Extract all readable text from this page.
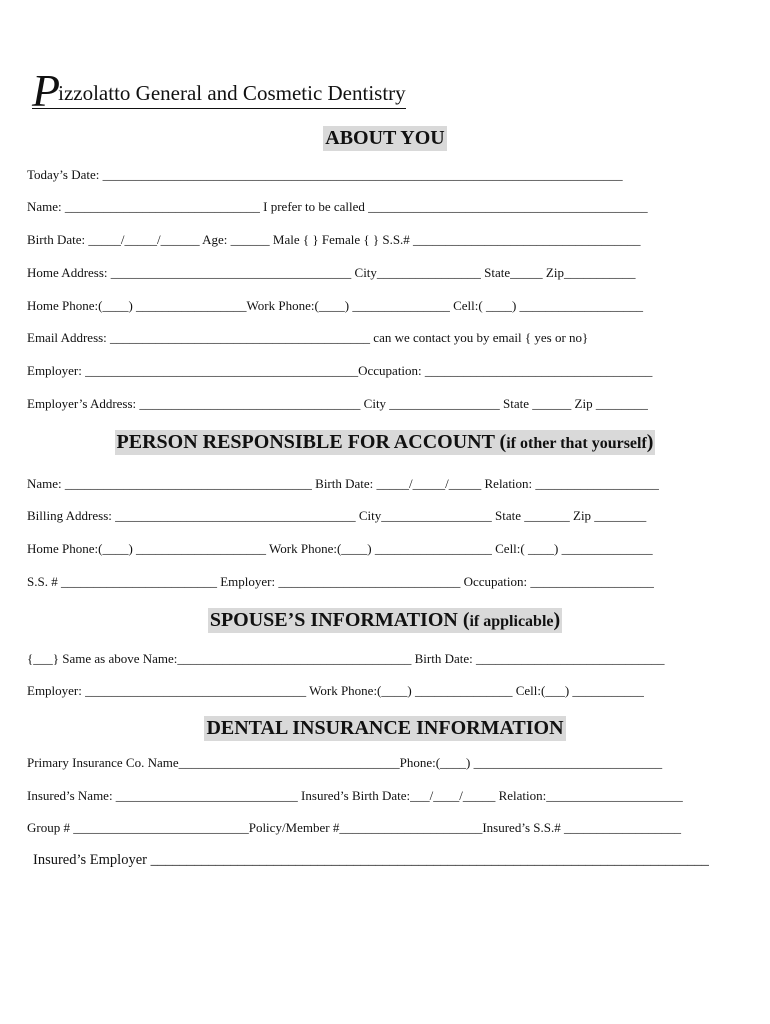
Pizzolatto General and Cosmetic Dentistry
ABOUT YOU
Today’s Date: ________________________________________________________________________________
Name: ______________________________ I prefer to be called ___________________________________________
Birth Date: _____/_____/______ Age: ______ Male { } Female { } S.S.# ___________________________________
Home Address: _____________________________________ City________________ State_____ Zip___________
Home Phone:(____) _________________Work Phone:(____) _______________ Cell:( ____) ___________________
Email Address: ________________________________________ can we contact you by email { yes or no}
Employer: __________________________________________Occupation: ___________________________________
Employer’s Address: __________________________________ City _________________ State ______ Zip ________
PERSON RESPONSIBLE FOR ACCOUNT (if other that yourself)
Name: ______________________________________ Birth Date: _____/_____/_____ Relation: ___________________
Billing Address: _____________________________________ City_________________ State _______ Zip ________
Home Phone:(____) ____________________ Work Phone:(____) __________________ Cell:( ____) ______________
S.S. # ________________________ Employer: ____________________________ Occupation: ___________________
SPOUSE’S INFORMATION (if applicable)
{___} Same as above Name:____________________________________ Birth Date: _____________________________
Employer: __________________________________ Work Phone:(____) _______________ Cell:(___) ___________
DENTAL INSURANCE INFORMATION
Primary Insurance Co. Name__________________________________Phone:(____) _____________________________
Insured’s Name: ____________________________ Insured’s Birth Date:___/____/_____ Relation:_____________________
Group # ___________________________Policy/Member #______________________Insured’s S.S.# __________________
Insured’s Employer _____________________________________________________________________________
